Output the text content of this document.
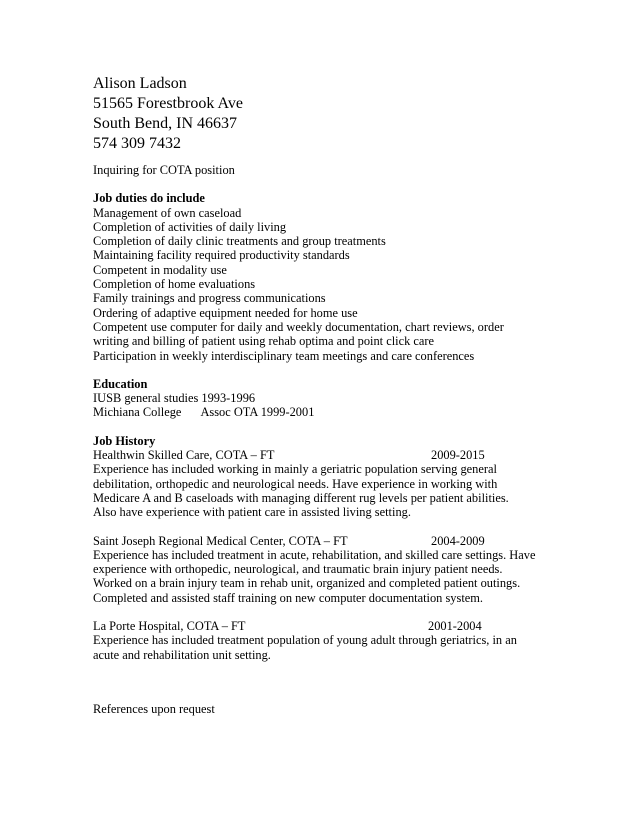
Alison Ladson
51565 Forestbrook Ave
South Bend, IN 46637
574 309 7432
Inquiring for COTA position
Job duties do include
Management of own caseload
Completion of activities of daily living
Completion of daily clinic treatments and group treatments
Maintaining facility required productivity standards
Competent in modality use
Completion of home evaluations
Family trainings and progress communications
Ordering of adaptive equipment needed for home use
Competent use computer for daily and weekly documentation, chart reviews, order
writing and billing of patient using rehab optima and point click care
Participation in weekly interdisciplinary team meetings and care conferences
Education
IUSB general studies 1993-1996
Michiana College Assoc OTA 1999-2001
Job History
Healthwin Skilled Care, COTA – FT	2009-2015
Experience has included working in mainly a geriatric population serving general
debilitation, orthopedic and neurological needs. Have experience in working with
Medicare A and B caseloads with managing different rug levels per patient abilities.
Also have experience with patient care in assisted living setting.
Saint Joseph Regional Medical Center, COTA – FT	2004-2009
Experience has included treatment in acute, rehabilitation, and skilled care settings. Have
experience with orthopedic, neurological, and traumatic brain injury patient needs.
Worked on a brain injury team in rehab unit, organized and completed patient outings.
Completed and assisted staff training on new computer documentation system.
La Porte Hospital, COTA – FT	2001-2004
Experience has included treatment population of young adult through geriatrics, in an
acute and rehabilitation unit setting.
References upon request
